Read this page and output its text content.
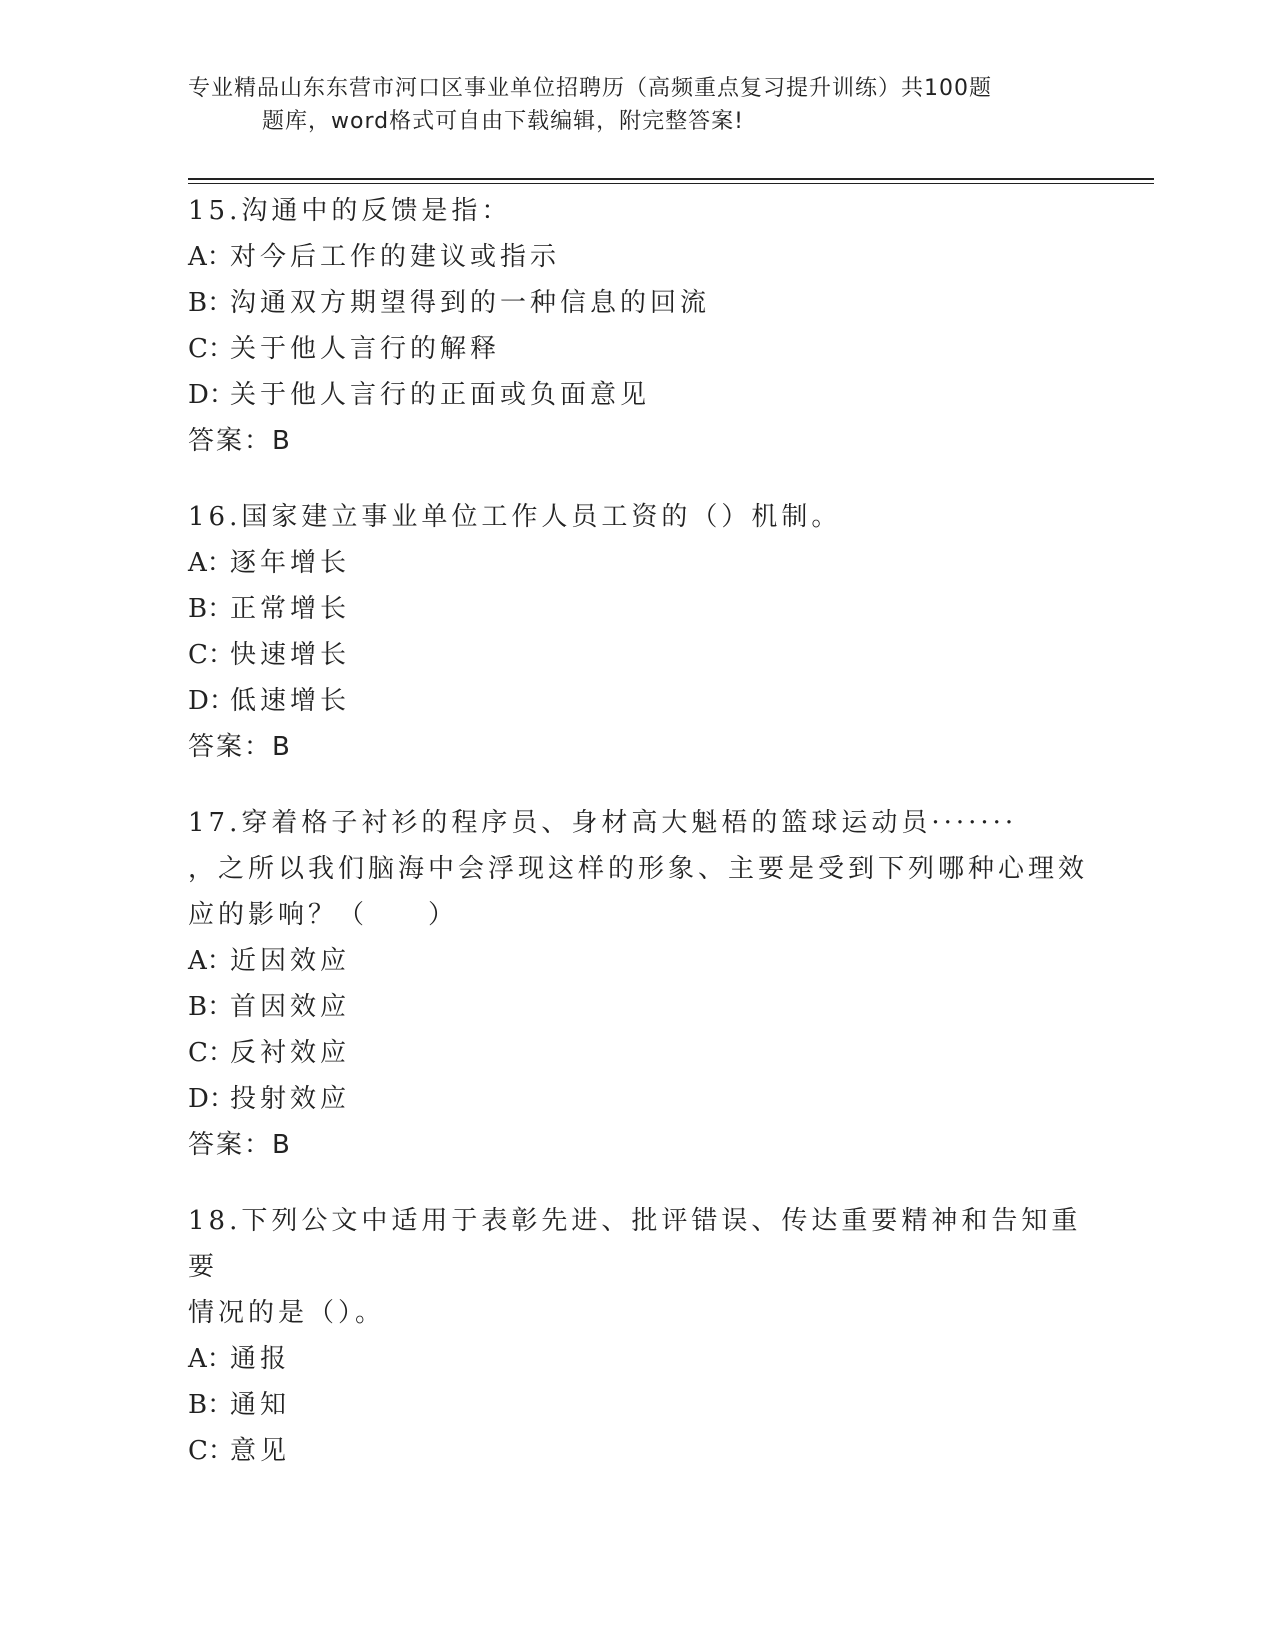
专业精品山东东营市河口区事业单位招聘历（高频重点复习提升训练）共100题
题库，word格式可自由下载编辑，附完整答案!
15.沟通中的反馈是指：
A：对今后工作的建议或指示
B：沟通双方期望得到的一种信息的回流
C：关于他人言行的解释
D：关于他人言行的正面或负面意见
答案：B
16.国家建立事业单位工作人员工资的（）机制。
A：逐年增长
B：正常增长
C：快速增长
D：低速增长
答案：B
17.穿着格子衬衫的程序员、身材高大魁梧的篮球运动员·······
，之所以我们脑海中会浮现这样的形象、主要是受到下列哪种心理效
应的影响？（　　）
A：近因效应
B：首因效应
C：反衬效应
D：投射效应
答案：B
18.下列公文中适用于表彰先进、批评错误、传达重要精神和告知重要
情况的是（）。
A：通报
B：通知
C：意见
